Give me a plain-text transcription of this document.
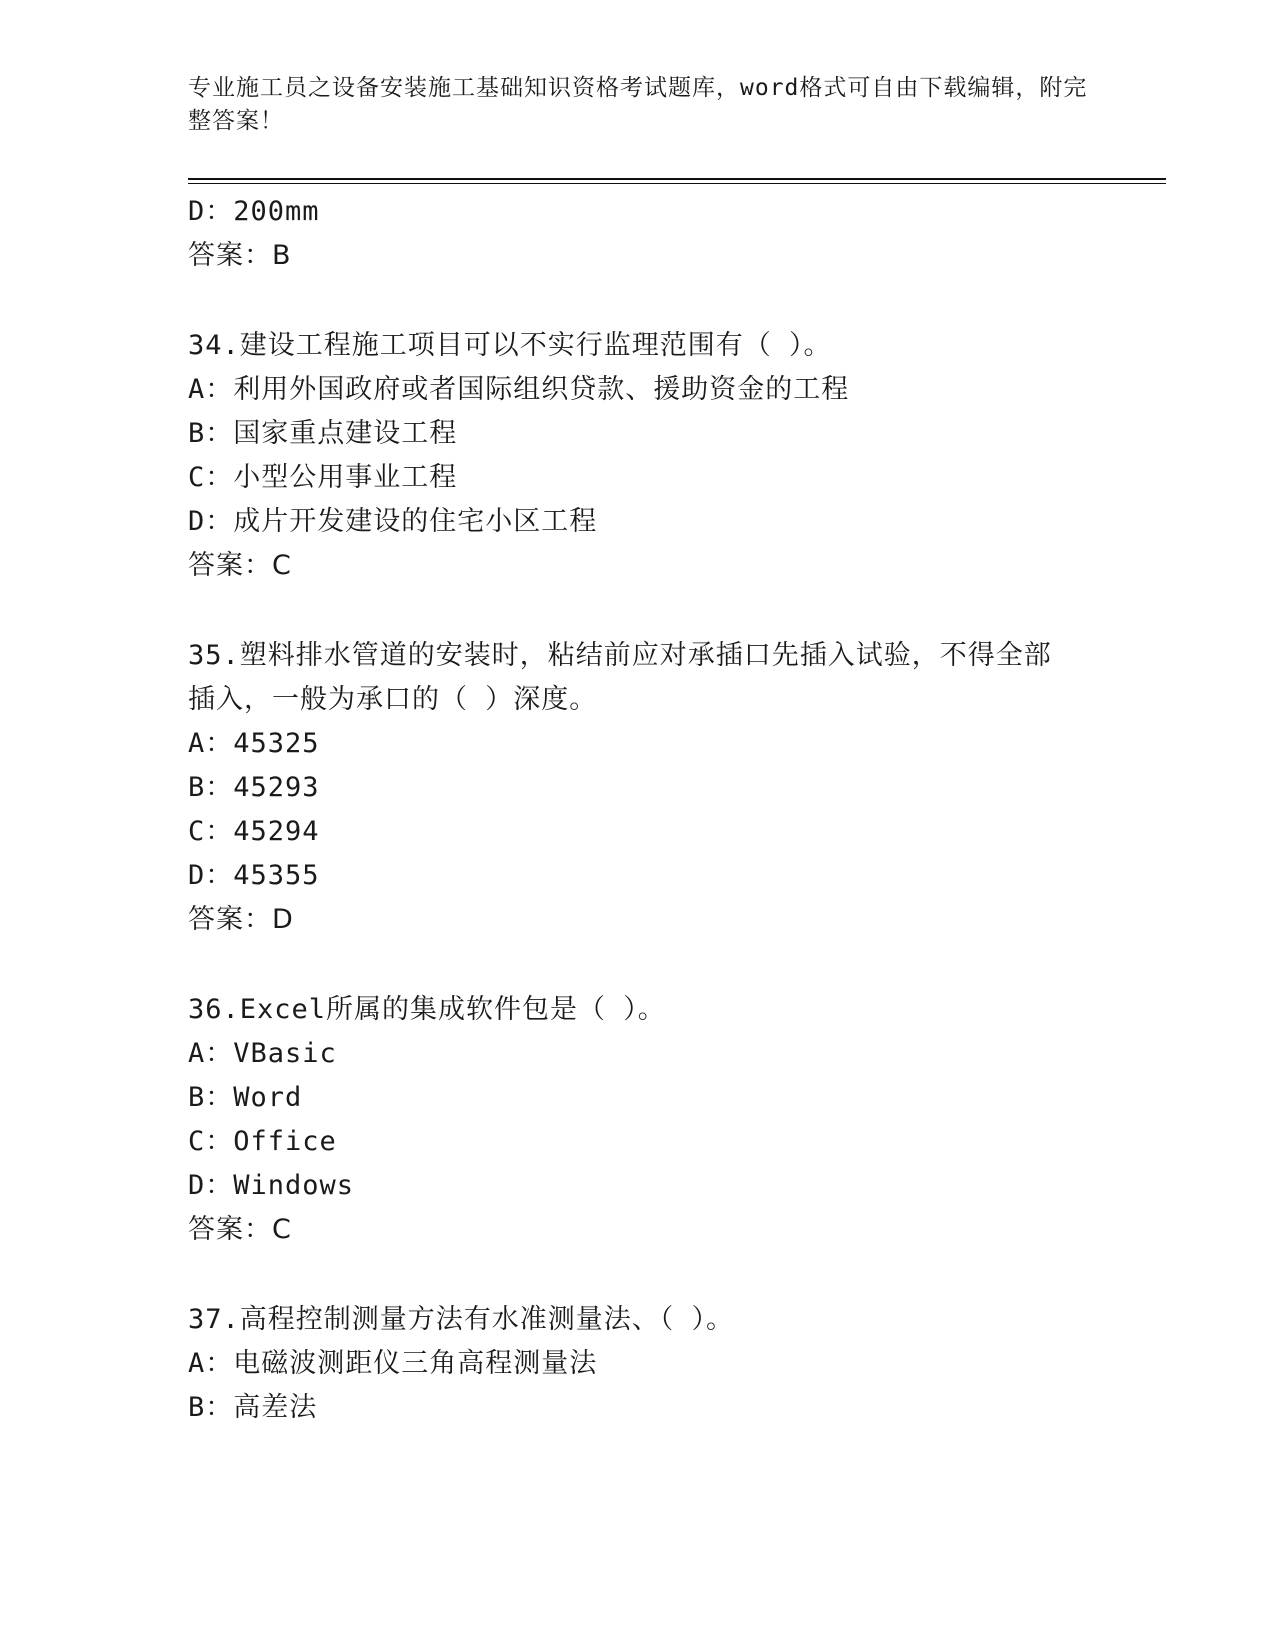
专业施工员之设备安装施工基础知识资格考试题库，word格式可自由下载编辑，附完整答案！
D：200mm
答案：B
34.建设工程施工项目可以不实行监理范围有（ ）。
A：利用外国政府或者国际组织贷款、援助资金的工程
B：国家重点建设工程
C：小型公用事业工程
D：成片开发建设的住宅小区工程
答案：C
35.塑料排水管道的安装时，粘结前应对承插口先插入试验，不得全部
插入，一般为承口的（ ）深度。
A：45325
B：45293
C：45294
D：45355
答案：D
36.Excel所属的集成软件包是（ ）。
A：VBasic
B：Word
C：Office
D：Windows
答案：C
37.高程控制测量方法有水准测量法、（ ）。
A：电磁波测距仪三角高程测量法
B：高差法
